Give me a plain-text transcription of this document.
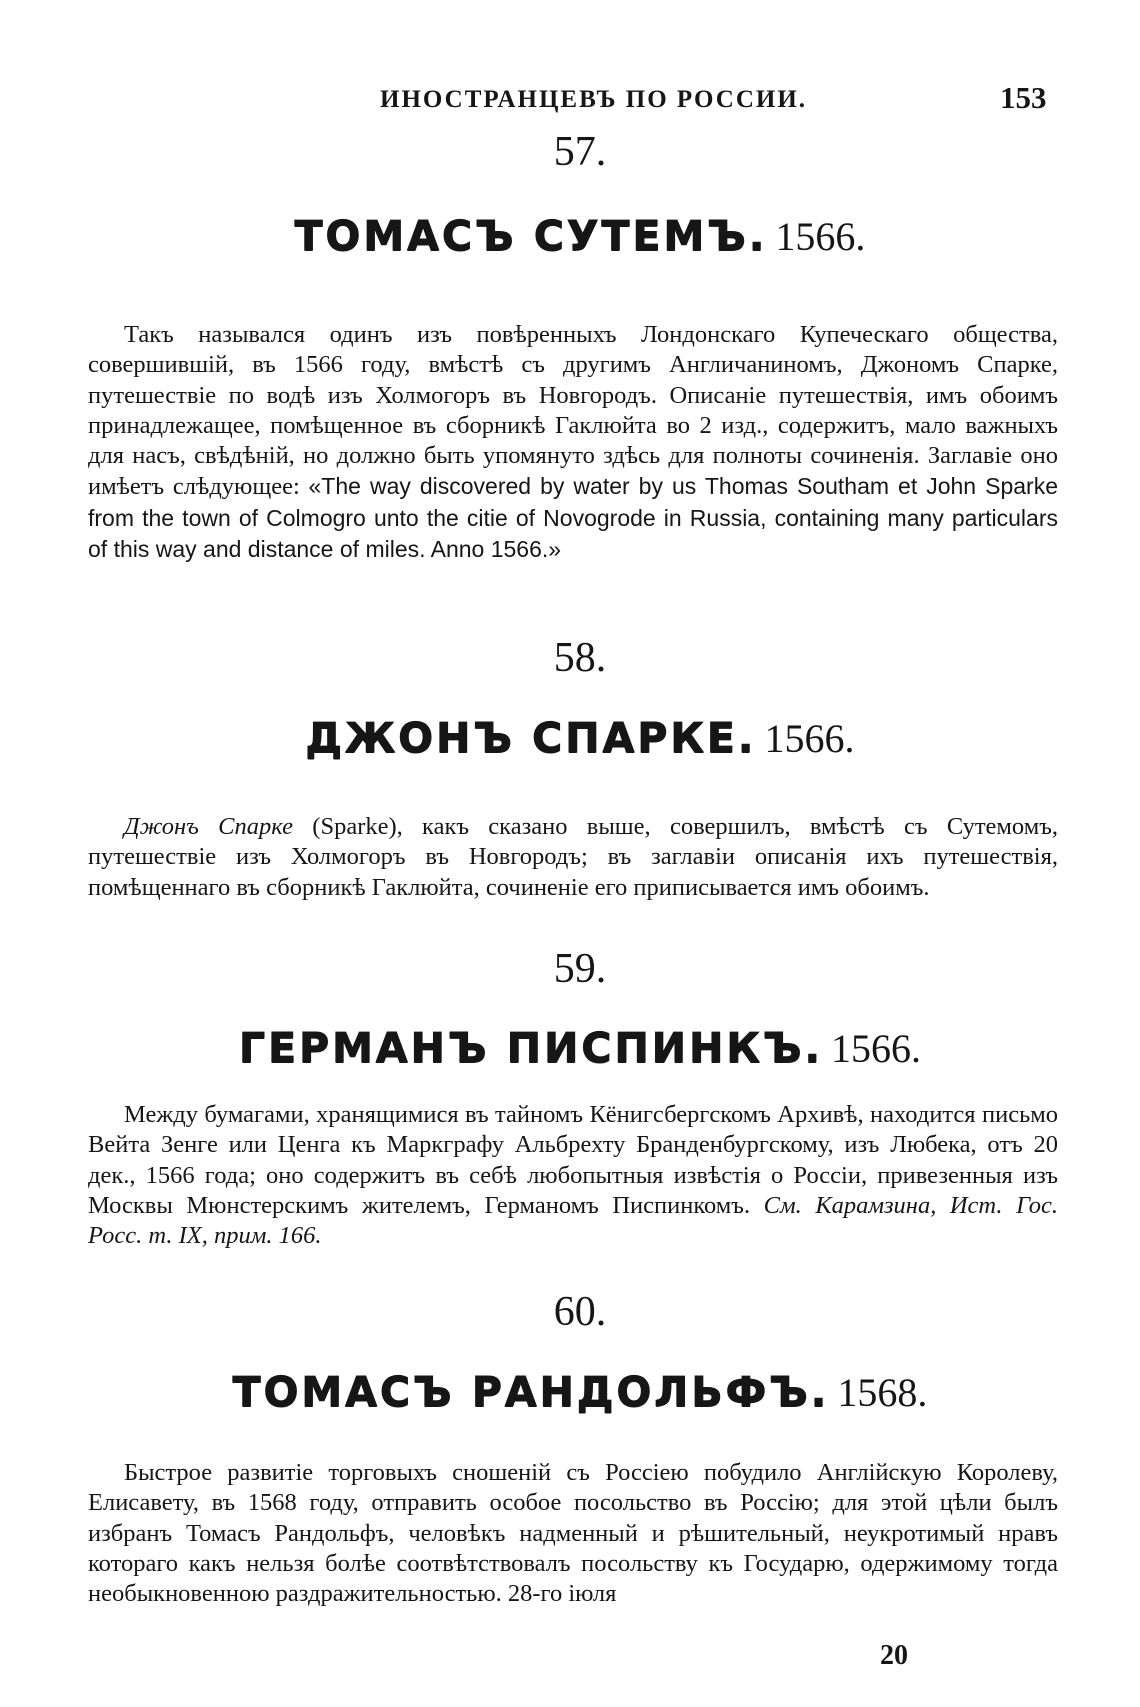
ИНОСТРАНЦЕВЪ ПО РОССИИ.	153
57.
ТОМАСЪ СУТЕМЪ. 1566.

Такъ назывался одинъ изъ повѣренныхъ Лондонскаго Купеческаго общества, совершившій, въ 1566 году, вмѣстѣ съ другимъ Англичаниномъ, Джономъ Спарке, путешествіе по водѣ изъ Холмогоръ въ Новгородъ. Описаніе путешествія, имъ обоимъ принадлежащее, помѣщенное въ сборникѣ Гаклюйта во 2 изд., содержитъ, мало важныхъ для насъ, свѣдѣній, но должно быть упомянуто здѣсь для полноты сочиненія. Заглавіе оно имѣетъ слѣдующее: «The way discovered by water by us Thomas Southam et John Sparke from the town of Colmogro unto the citie of Novogrode in Russia, containing many particulars of this way and distance of miles. Anno 1566.»

58.
ДЖОНЪ СПАРКЕ. 1566.

Джонъ Спарке (Sparke), какъ сказано выше, совершилъ, вмѣстѣ съ Сутемомъ, путешествіе изъ Холмогоръ въ Новгородъ; въ заглавіи описанія ихъ путешествія, помѣщеннаго въ сборникѣ Гаклюйта, сочиненіе его приписывается имъ обоимъ.

59.
ГЕРМАНЪ ПИСПИНКЪ. 1566.

Между бумагами, хранящимися въ тайномъ Кёнигсбергскомъ Архивѣ, находится письмо Вейта Зенге или Ценга къ Маркграфу Альбрехту Бранденбургскому, изъ Любека, отъ 20 дек., 1566 года; оно содержитъ въ себѣ любопытныя извѣстія о Россіи, привезенныя изъ Москвы Мюнстерскимъ жителемъ, Германомъ Писпинкомъ. См. Карамзина, Ист. Гос. Росс. т. IX, прим. 166.

60.
ТОМАСЪ РАНДОЛЬФЪ. 1568.

Быстрое развитіе торговыхъ сношеній съ Россіею побудило Англійскую Королеву, Елисавету, въ 1568 году, отправить особое посольство въ Россію; для этой цѣли былъ избранъ Томасъ Рандольфъ, человѣкъ надменный и рѣшительный, неукротимый нравъ котораго какъ нельзя болѣе соотвѣтствовалъ посольству къ Государю, одержимому тогда необыкновенною раздражительностью. 28-го іюля

20
